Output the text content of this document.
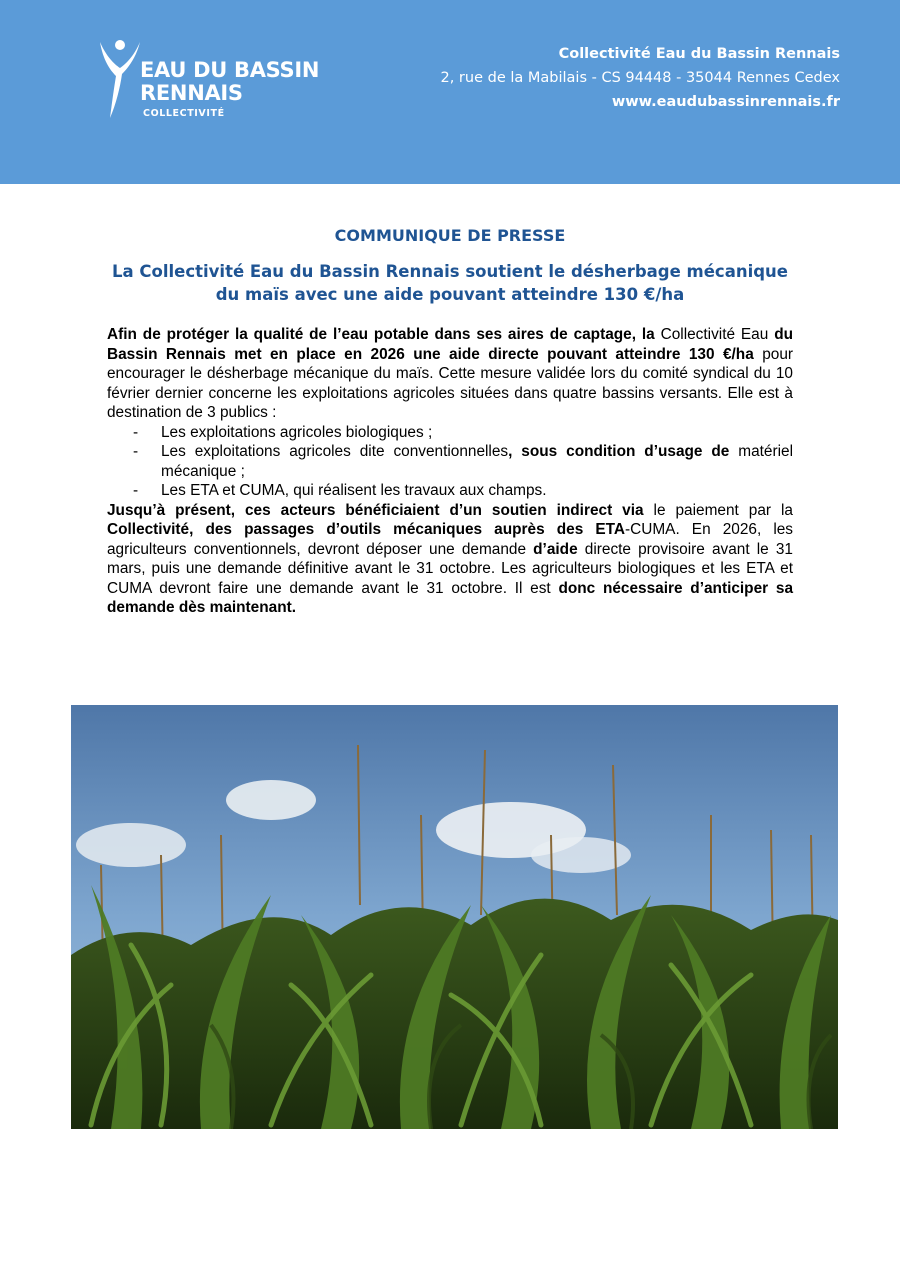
EAU DU BASSIN
RENNAIS
COLLECTIVITÉ
Collectivité Eau du Bassin Rennais
2, rue de la Mabilais - CS 94448 - 35044 Rennes Cedex
www.eaudubassinrennais.fr
COMMUNIQUE DE PRESSE
La Collectivité Eau du Bassin Rennais soutient le désherbage mécanique
du maïs avec une aide pouvant atteindre 130 €/ha

Afin de protéger la qualité de l’eau potable dans ses aires de captage, la Collectivité Eau du Bassin Rennais met en place en 2026 une aide directe pouvant atteindre 130 €/ha pour encourager le désherbage mécanique du maïs. Cette mesure validée lors du comité syndical du 10 février dernier concerne les exploitations agricoles situées dans quatre bassins versants. Elle est à destination de 3 publics :

- Les exploitations agricoles biologiques ;
- Les exploitations agricoles dite conventionnelles, sous condition d’usage de matériel mécanique ;
- Les ETA et CUMA, qui réalisent les travaux aux champs.

Jusqu’à présent, ces acteurs bénéficiaient d’un soutien indirect via le paiement par la Collectivité, des passages d’outils mécaniques auprès des ETA-CUMA. En 2026, les agriculteurs conventionnels, devront déposer une demande d’aide directe provisoire avant le 31 mars, puis une demande définitive avant le 31 octobre. Les agriculteurs biologiques et les ETA et CUMA devront faire une demande avant le 31 octobre. Il est donc nécessaire d’anticiper sa demande dès maintenant.
